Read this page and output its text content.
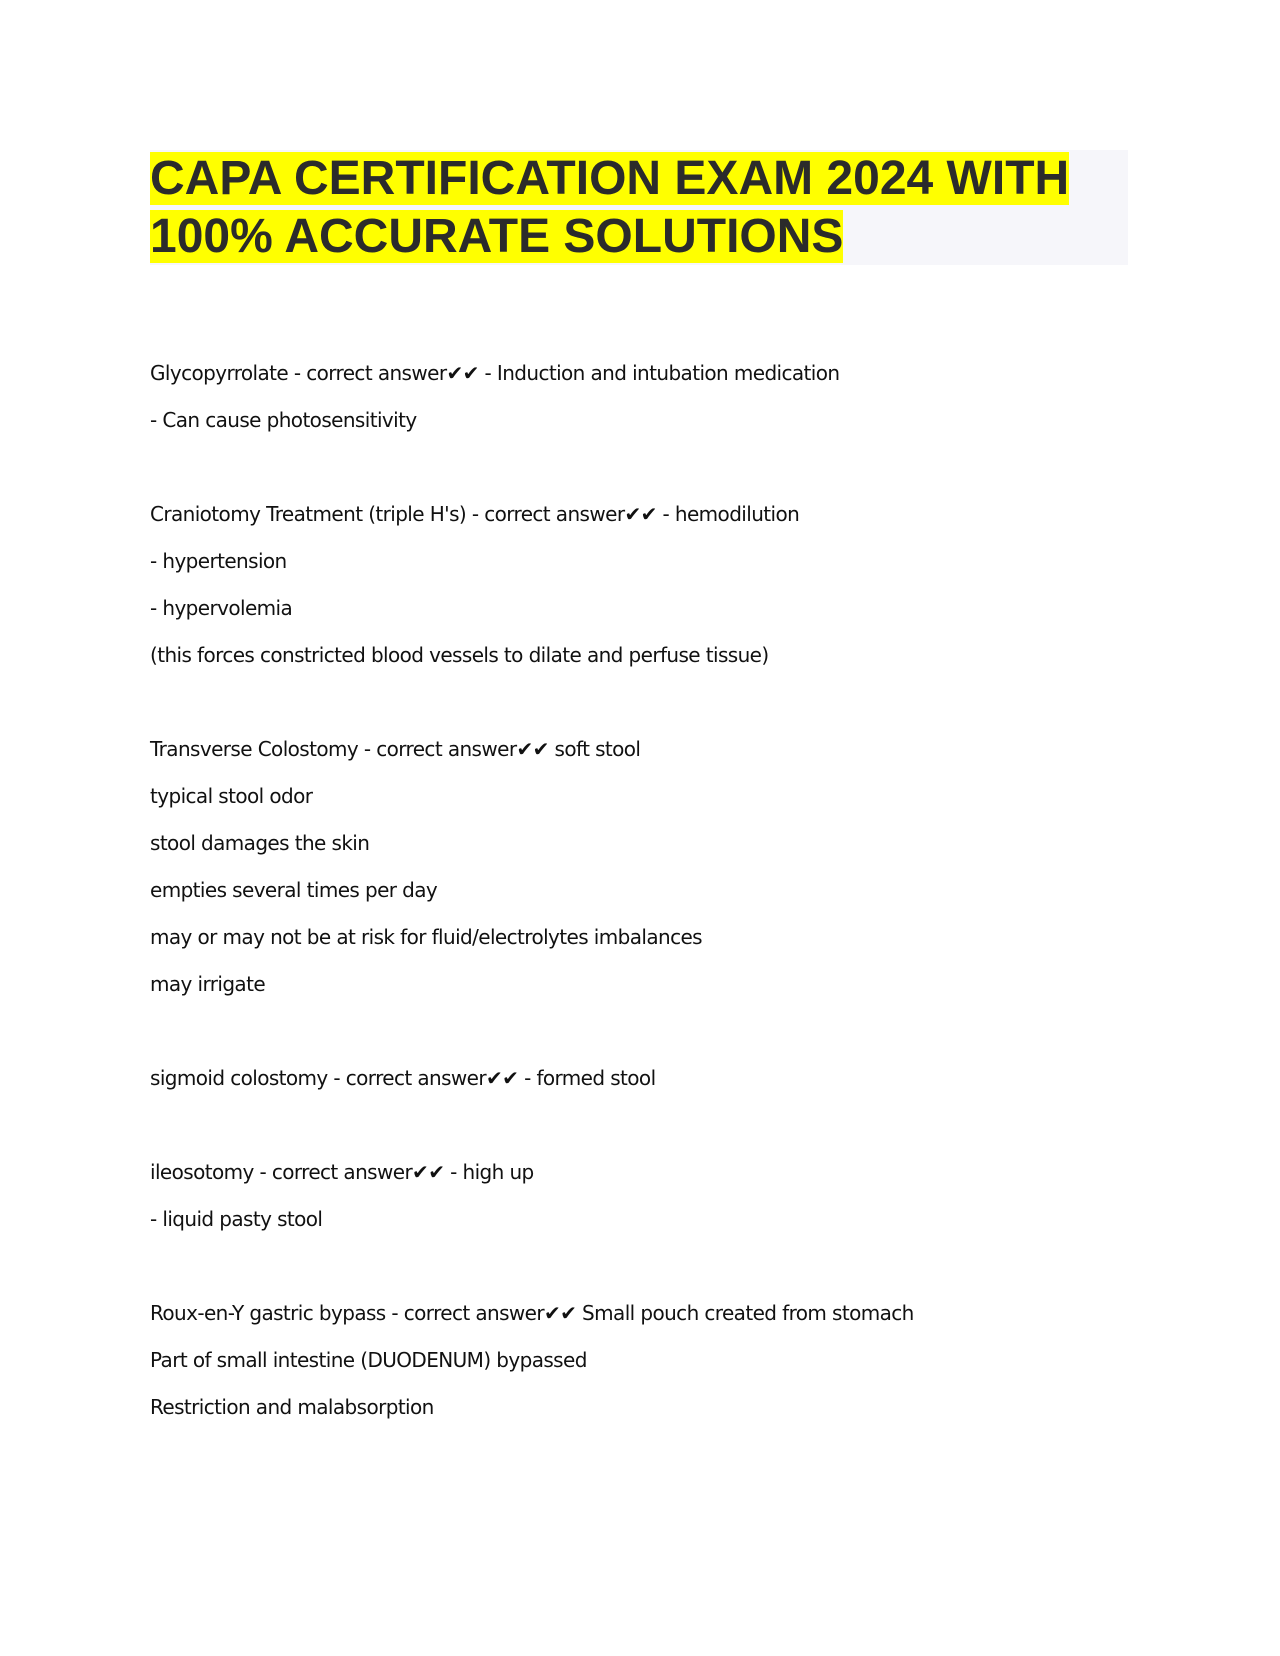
CAPA CERTIFICATION EXAM 2024 WITH 100% ACCURATE SOLUTIONS
Glycopyrrolate - correct answer✔✔ - Induction and intubation medication
- Can cause photosensitivity
Craniotomy Treatment (triple H's) - correct answer✔✔ - hemodilution
- hypertension
- hypervolemia
(this forces constricted blood vessels to dilate and perfuse tissue)
Transverse Colostomy - correct answer✔✔ soft stool
typical stool odor
stool damages the skin
empties several times per day
may or may not be at risk for fluid/electrolytes imbalances
may irrigate
sigmoid colostomy - correct answer✔✔ - formed stool
ileosotomy - correct answer✔✔ - high up
- liquid pasty stool
Roux-en-Y gastric bypass - correct answer✔✔ Small pouch created from stomach
Part of small intestine (DUODENUM) bypassed
Restriction and malabsorption
